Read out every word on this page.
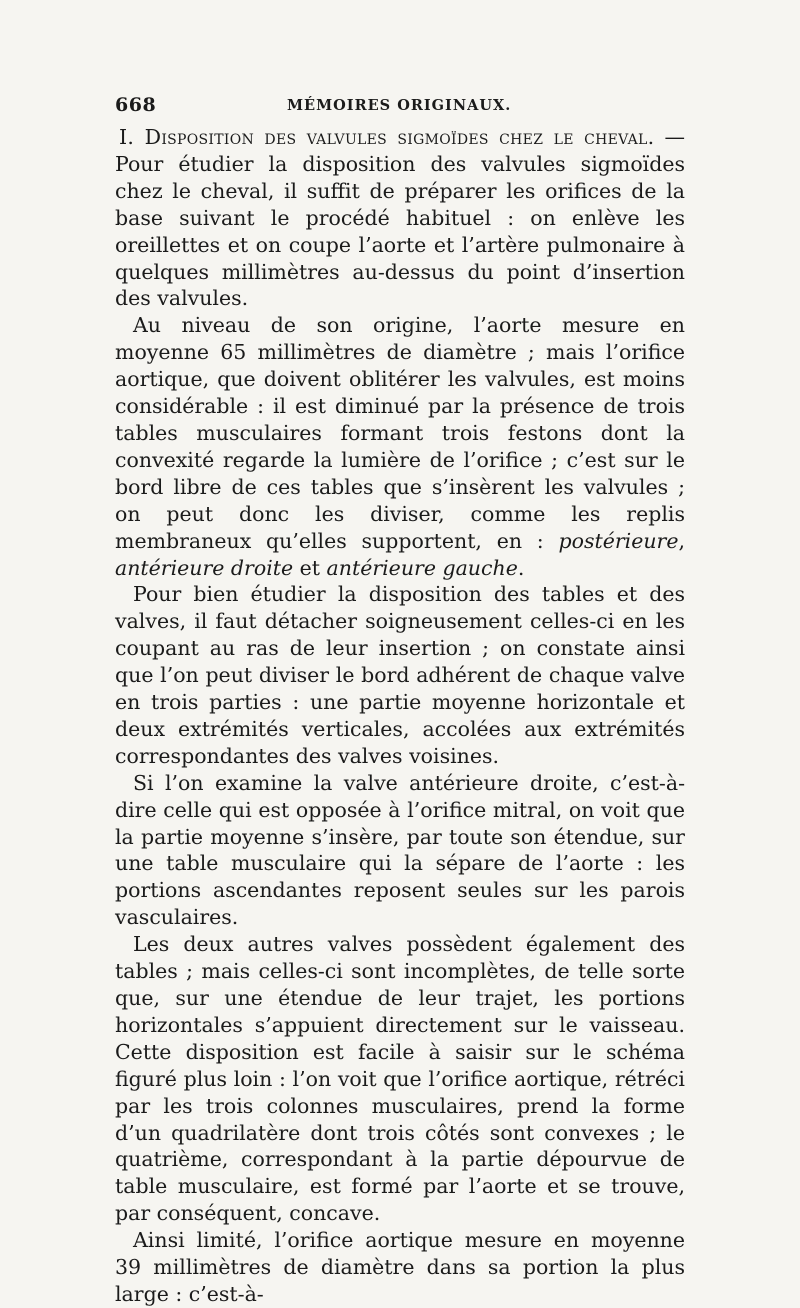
668	MÉMOIRES ORIGINAUX.

I. Disposition des valvules sigmoïdes chez le cheval. — Pour étudier la disposition des valvules sigmoïdes chez le cheval, il suffit de préparer les orifices de la base suivant le procédé habituel : on enlève les oreillettes et on coupe l’aorte et l’artère pulmonaire à quelques millimètres au-dessus du point d’insertion des valvules.

Au niveau de son origine, l’aorte mesure en moyenne 65 millimètres de diamètre ; mais l’orifice aortique, que doivent oblitérer les valvules, est moins considérable : il est diminué par la présence de trois tables musculaires formant trois festons dont la convexité regarde la lumière de l’orifice ; c’est sur le bord libre de ces tables que s’insèrent les valvules ; on peut donc les diviser, comme les replis membraneux qu’elles supportent, en : postérieure, antérieure droite et antérieure gauche.

Pour bien étudier la disposition des tables et des valves, il faut détacher soigneusement celles-ci en les coupant au ras de leur insertion ; on constate ainsi que l’on peut diviser le bord adhérent de chaque valve en trois parties : une partie moyenne horizontale et deux extrémités verticales, accolées aux extrémités correspondantes des valves voisines.

Si l’on examine la valve antérieure droite, c’est-à-dire celle qui est opposée à l’orifice mitral, on voit que la partie moyenne s’insère, par toute son étendue, sur une table musculaire qui la sépare de l’aorte : les portions ascendantes reposent seules sur les parois vasculaires.

Les deux autres valves possèdent également des tables ; mais celles-ci sont incomplètes, de telle sorte que, sur une étendue de leur trajet, les portions horizontales s’appuient directement sur le vaisseau. Cette disposition est facile à saisir sur le schéma figuré plus loin : l’on voit que l’orifice aortique, rétréci par les trois colonnes musculaires, prend la forme d’un quadrilatère dont trois côtés sont convexes ; le quatrième, correspondant à la partie dépourvue de table musculaire, est formé par l’aorte et se trouve, par conséquent, concave.

Ainsi limité, l’orifice aortique mesure en moyenne 39 millimètres de diamètre dans sa portion la plus large : c’est-à-
